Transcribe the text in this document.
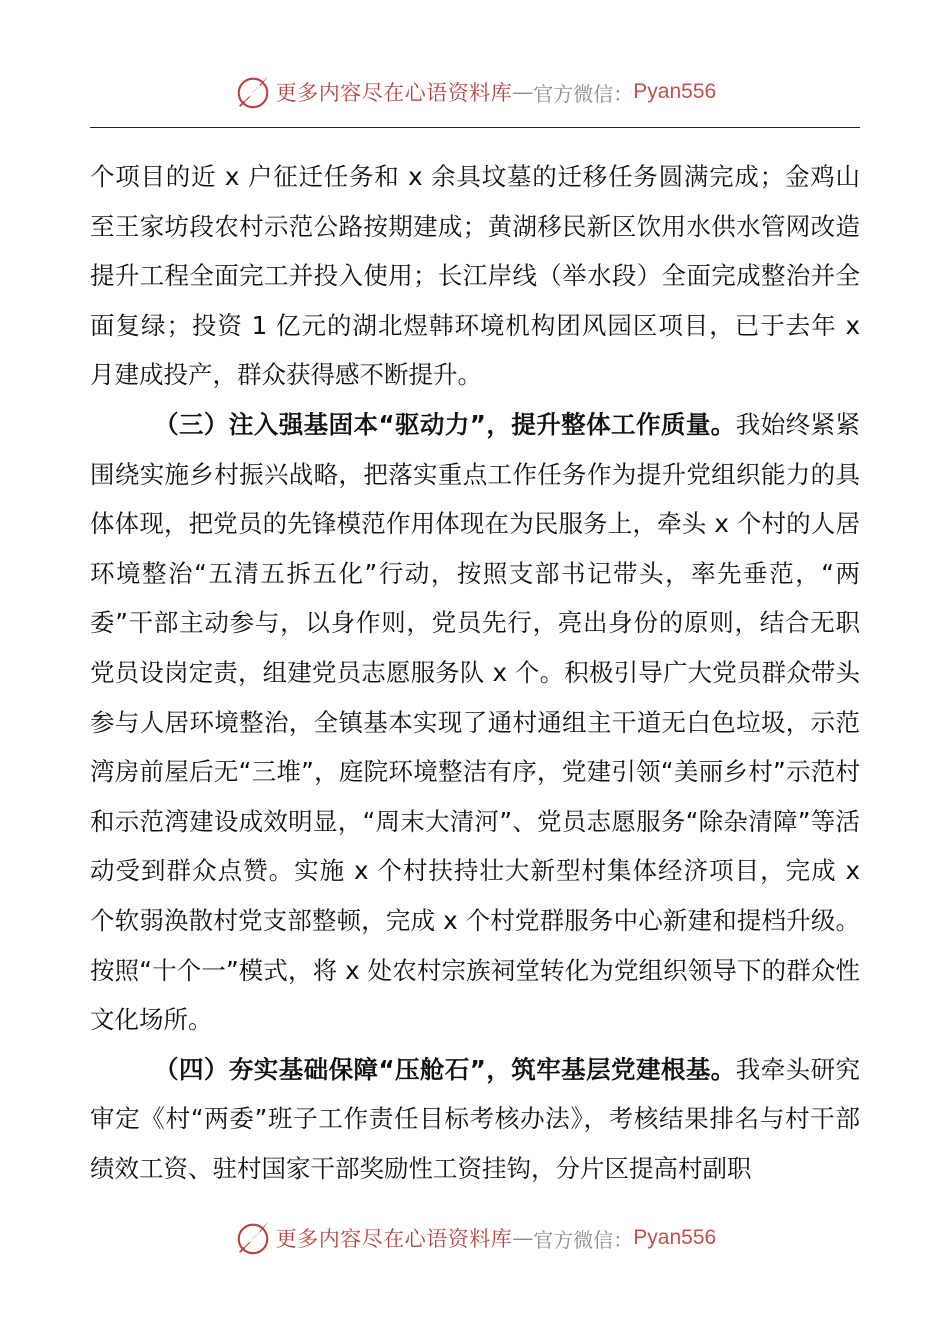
更多内容尽在心语资料库 — 官方微信： Pyan556

个项目的近 x 户征迁任务和 x 余具坟墓的迁移任务圆满完成；金鸡山至王家坊段农村示范公路按期建成；黄湖移民新区饮用水供水管网改造提升工程全面完工并投入使用；长江岸线（举水段）全面完成整治并全面复绿；投资 1 亿元的湖北煜韩环境机构团风园区项目，已于去年 x 月建成投产，群众获得感不断提升。

（三）注入强基固本“驱动力”，提升整体工作质量。我始终紧紧围绕实施乡村振兴战略，把落实重点工作任务作为提升党组织能力的具体体现，把党员的先锋模范作用体现在为民服务上，牵头 x 个村的人居环境整治“五清五拆五化”行动，按照支部书记带头，率先垂范，“两委”干部主动参与，以身作则，党员先行，亮出身份的原则，结合无职党员设岗定责，组建党员志愿服务队 x 个。积极引导广大党员群众带头参与人居环境整治，全镇基本实现了通村通组主干道无白色垃圾，示范湾房前屋后无“三堆”，庭院环境整洁有序，党建引领“美丽乡村”示范村和示范湾建设成效明显，“周末大清河”、党员志愿服务“除杂清障”等活动受到群众点赞。实施 x 个村扶持壮大新型村集体经济项目，完成 x 个软弱涣散村党支部整顿，完成 x 个村党群服务中心新建和提档升级。按照“十个一”模式，将 x 处农村宗族祠堂转化为党组织领导下的群众性文化场所。

（四）夯实基础保障“压舱石”，筑牢基层党建根基。我牵头研究审定《村“两委”班子工作责任目标考核办法》，考核结果排名与村干部绩效工资、驻村国家干部奖励性工资挂钩，分片区提高村副职

更多内容尽在心语资料库 — 官方微信： Pyan556
